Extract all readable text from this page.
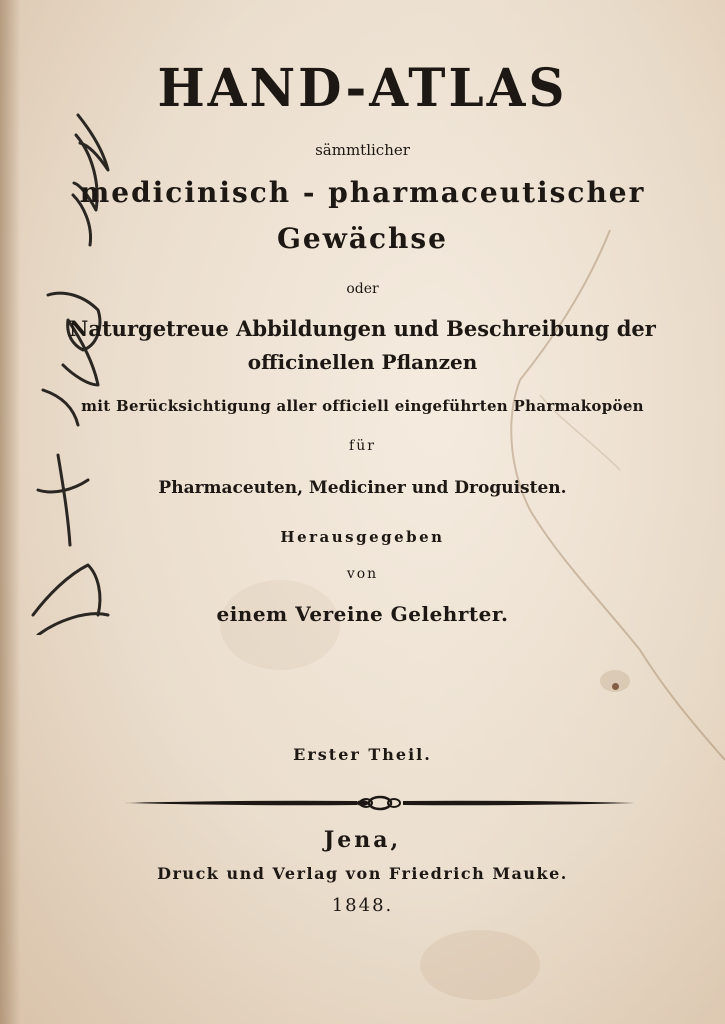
HAND-ATLAS
sämmtlicher
medicinisch - pharmaceutischer
Gewächse
oder
Naturgetreue Abbildungen und Beschreibung der
officinellen Pflanzen
mit Berücksichtigung aller officiell eingeführten Pharmakopöen
für
Pharmaceuten, Mediciner und Droguisten.
Herausgegeben
von
einem Vereine Gelehrter.
Erster Theil.
Jena,
Druck und Verlag von Friedrich Mauke.
1848.
